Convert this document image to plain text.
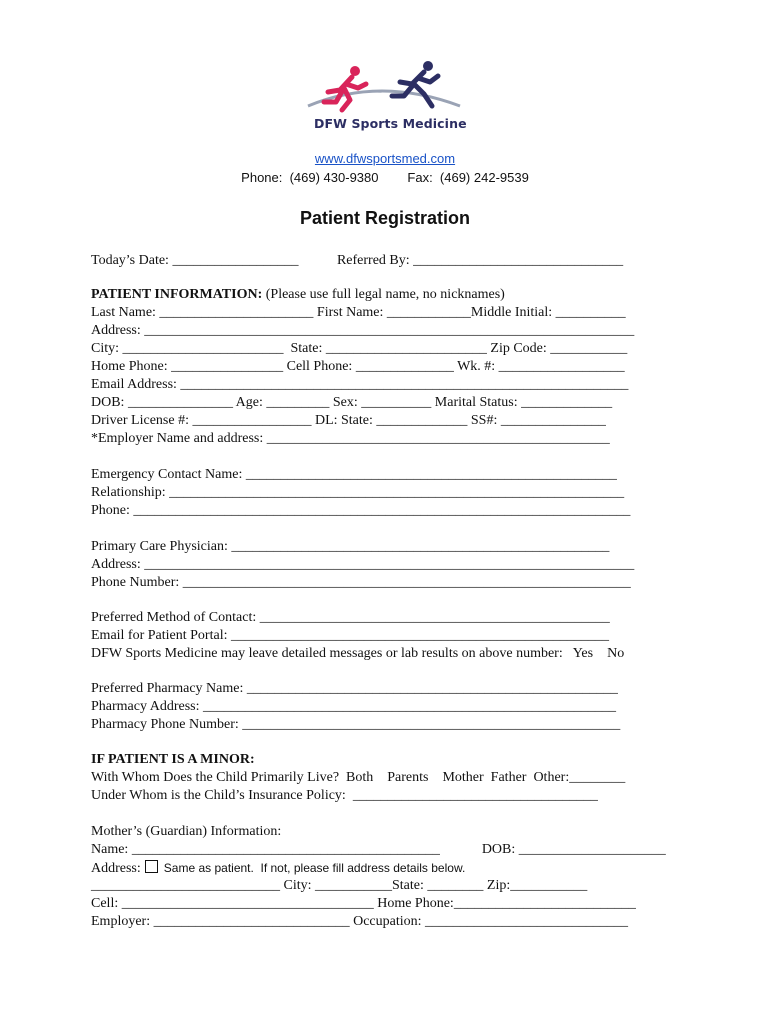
DFW Sports Medicine
www.dfwsportsmed.com
Phone:  (469) 430-9380 Fax:  (469) 242-9539
Patient Registration
Today’s Date: __________________           Referred By: ______________________________
PATIENT INFORMATION: (Please use full legal name, no nicknames)
Last Name: ______________________ First Name: ____________Middle Initial: __________
Address: ______________________________________________________________________
City: _______________________  State: _______________________ Zip Code: ___________
Home Phone: ________________ Cell Phone: ______________ Wk. #: __________________
Email Address: ________________________________________________________________
DOB: _______________ Age: _________ Sex: __________ Marital Status: _____________
Driver License #: _________________ DL: State: _____________ SS#: _______________
*Employer Name and address: _________________________________________________
Emergency Contact Name: _____________________________________________________
Relationship: _________________________________________________________________
Phone: _______________________________________________________________________
Primary Care Physician: ______________________________________________________
Address: ______________________________________________________________________
Phone Number: ________________________________________________________________
Preferred Method of Contact: __________________________________________________
Email for Patient Portal: ______________________________________________________
DFW Sports Medicine may leave detailed messages or lab results on above number:   Yes    No
Preferred Pharmacy Name: _____________________________________________________
Pharmacy Address: ___________________________________________________________
Pharmacy Phone Number: ______________________________________________________
IF PATIENT IS A MINOR:
With Whom Does the Child Primarily Live?  Both    Parents    Mother  Father  Other:________
Under Whom is the Child’s Insurance Policy:  ___________________________________
Mother’s (Guardian) Information:
Name: ____________________________________________            DOB: _____________________
Address: Same as patient.  If not, please fill address details below.
___________________________ City: ___________State: ________ Zip:___________
Cell: ____________________________________ Home Phone:__________________________
Employer: ____________________________ Occupation: _____________________________
